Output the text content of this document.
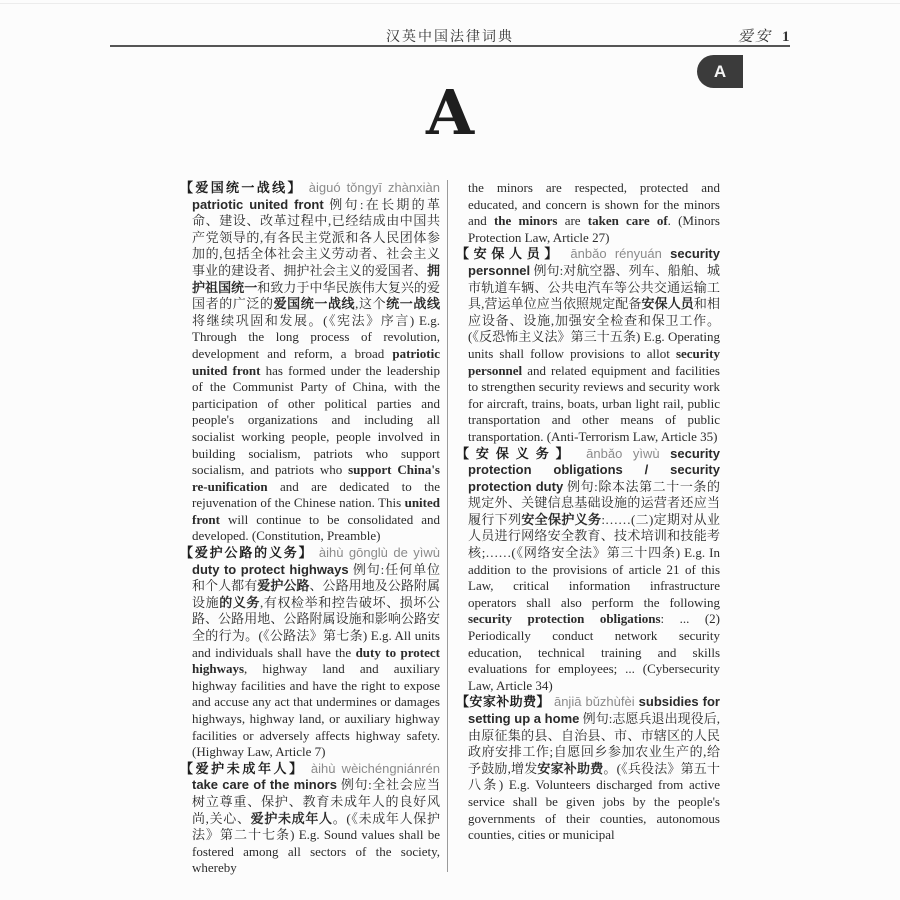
汉英中国法律词典	爱安 1
A
A

【爱国统一战线】 àiguó tǒngyī zhànxiàn patriotic united front 例句:在长期的革命、建设、改革过程中,已经结成由中国共产党领导的,有各民主党派和各人民团体参加的,包括全体社会主义劳动者、社会主义事业的建设者、拥护社会主义的爱国者、拥护祖国统一和致力于中华民族伟大复兴的爱国者的广泛的爱国统一战线,这个统一战线将继续巩固和发展。(《宪法》序言) E.g. Through the long process of revolution, development and reform, a broad patriotic united front has formed under the leadership of the Communist Party of China, with the participation of other political parties and people's organizations and including all socialist working people, people involved in building socialism, patriots who support socialism, and patriots who support China's re-unification and are dedicated to the rejuvenation of the Chinese nation. This united front will continue to be consolidated and developed. (Constitution, Preamble)

【爱护公路的义务】 àihù gōnglù de yìwù duty to protect highways 例句:任何单位和个人都有爱护公路、公路用地及公路附属设施的义务,有权检举和控告破坏、损坏公路、公路用地、公路附属设施和影响公路安全的行为。(《公路法》第七条) E.g. All units and individuals shall have the duty to protect highways, highway land and auxiliary highway facilities and have the right to expose and accuse any act that undermines or damages highways, highway land, or auxiliary highway facilities or adversely affects highway safety. (Highway Law, Article 7)

【爱护未成年人】 àihù wèichéngniánrén take care of the minors 例句:全社会应当树立尊重、保护、教育未成年人的良好风尚,关心、爱护未成年人。(《未成年人保护法》第二十七条) E.g. Sound values shall be fostered among all sectors of the society, whereby

the minors are respected, protected and educated, and concern is shown for the minors and the minors are taken care of. (Minors Protection Law, Article 27)

【安保人员】 ānbǎo rényuán security personnel 例句:对航空器、列车、船舶、城市轨道车辆、公共电汽车等公共交通运输工具,营运单位应当依照规定配备安保人员和相应设备、设施,加强安全检查和保卫工作。(《反恐怖主义法》第三十五条) E.g. Operating units shall follow provisions to allot security personnel and related equipment and facilities to strengthen security reviews and security work for aircraft, trains, boats, urban light rail, public transportation and other means of public transportation. (Anti-Terrorism Law, Article 35)

【安保义务】 ānbǎo yìwù security protection obligations / security protection duty 例句:除本法第二十一条的规定外、关键信息基础设施的运营者还应当履行下列安全保护义务:……(二)定期对从业人员进行网络安全教育、技术培训和技能考核;……(《网络安全法》第三十四条) E.g. In addition to the provisions of article 21 of this Law, critical information infrastructure operators shall also perform the following security protection obligations: ... (2) Periodically conduct network security education, technical training and skills evaluations for employees; ... (Cybersecurity Law, Article 34)

【安家补助费】 ānjiā bǔzhùfèi subsidies for setting up a home 例句:志愿兵退出现役后,由原征集的县、自治县、市、市辖区的人民政府安排工作;自愿回乡参加农业生产的,给予鼓励,增发安家补助费。(《兵役法》第五十八条) E.g. Volunteers discharged from active service shall be given jobs by the people's governments of their counties, autonomous counties, cities or municipal
